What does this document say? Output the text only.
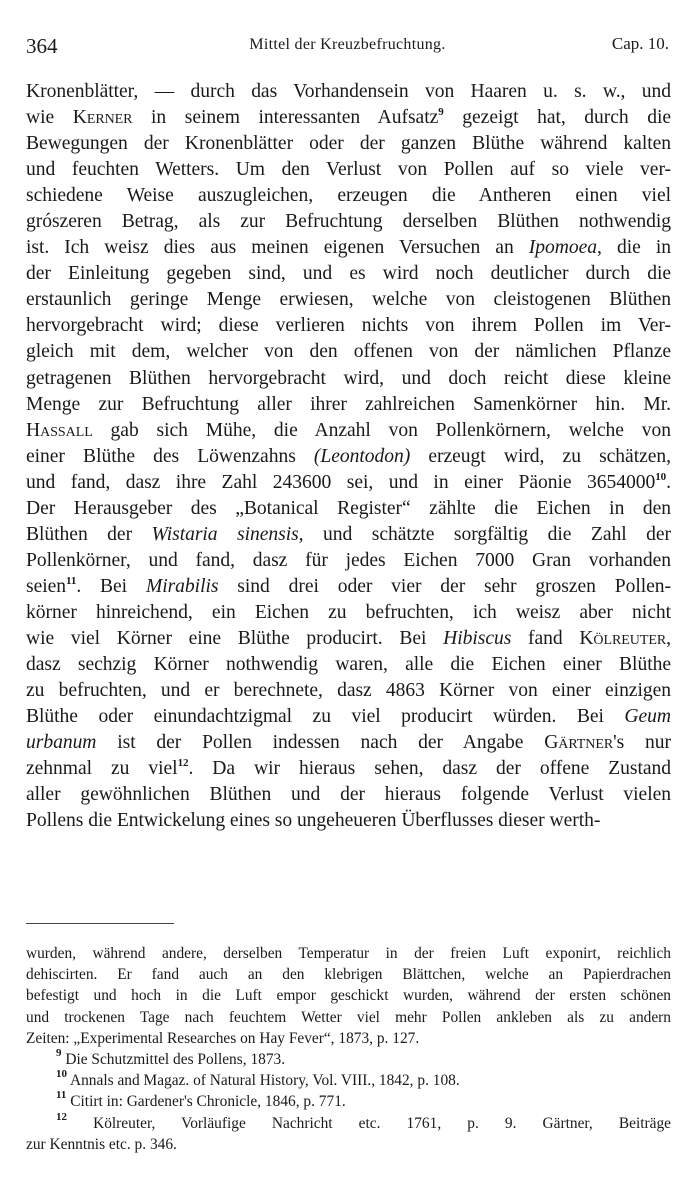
364	Mittel der Kreuzbefruchtung.	Cap. 10.
Kronenblätter, — durch das Vorhandensein von Haaren u. s. w., und
wie Kerner in seinem interessanten Aufsatz$^9$ gezeigt hat, durch die
Bewegungen der Kronenblätter oder der ganzen Blüthe während kalten
und feuchten Wetters. Um den Verlust von Pollen auf so viele ver-
schiedene Weise auszugleichen, erzeugen die Antheren einen viel
grószeren Betrag, als zur Befruchtung derselben Blüthen nothwendig
ist. Ich weisz dies aus meinen eigenen Versuchen an Ipomoea, die in
der Einleitung gegeben sind, und es wird noch deutlicher durch die
erstaunlich geringe Menge erwiesen, welche von cleistogenen Blüthen
hervorgebracht wird; diese verlieren nichts von ihrem Pollen im Ver-
gleich mit dem, welcher von den offenen von der nämlichen Pflanze
getragenen Blüthen hervorgebracht wird, und doch reicht diese kleine
Menge zur Befruchtung aller ihrer zahlreichen Samenkörner hin. Mr.
Hassall gab sich Mühe, die Anzahl von Pollenkörnern, welche von
einer Blüthe des Löwenzahns (Leontodon) erzeugt wird, zu schätzen,
und fand, dasz ihre Zahl 243600 sei, und in einer Päonie 3654000$^{10}$.
Der Herausgeber des „Botanical Register“ zählte die Eichen in den
Blüthen der Wistaria sinensis, und schätzte sorgfältig die Zahl der
Pollenkörner, und fand, dasz für jedes Eichen 7000 Gran vorhanden
seien$^{11}$. Bei Mirabilis sind drei oder vier der sehr groszen Pollen-
körner hinreichend, ein Eichen zu befruchten, ich weisz aber nicht
wie viel Körner eine Blüthe producirt. Bei Hibiscus fand Kölreuter,
dasz sechzig Körner nothwendig waren, alle die Eichen einer Blüthe
zu befruchten, und er berechnete, dasz 4863 Körner von einer einzigen
Blüthe oder einundachtzigmal zu viel producirt würden. Bei Geum
urbanum ist der Pollen indessen nach der Angabe Gärtner's nur
zehnmal zu viel$^{12}$. Da wir hieraus sehen, dasz der offene Zustand
aller gewöhnlichen Blüthen und der hieraus folgende Verlust vielen
Pollens die Entwickelung eines so ungeheueren Überflusses dieser werth-
wurden, während andere, derselben Temperatur in der freien Luft exponirt, reichlich
dehiscirten. Er fand auch an den klebrigen Blättchen, welche an Papierdrachen
befestigt und hoch in die Luft empor geschickt wurden, während der ersten schönen
und trockenen Tage nach feuchtem Wetter viel mehr Pollen ankleben als zu andern
Zeiten: „Experimental Researches on Hay Fever“, 1873, p. 127.
$^9$ Die Schutzmittel des Pollens, 1873.
$^{10}$ Annals and Magaz. of Natural History, Vol. VIII., 1842, p. 108.
$^{11}$ Citirt in: Gardener's Chronicle, 1846, p. 771.
$^{12}$ Kölreuter, Vorläufige Nachricht etc. 1761, p. 9. Gärtner, Beiträge
zur Kenntnis etc. p. 346.
